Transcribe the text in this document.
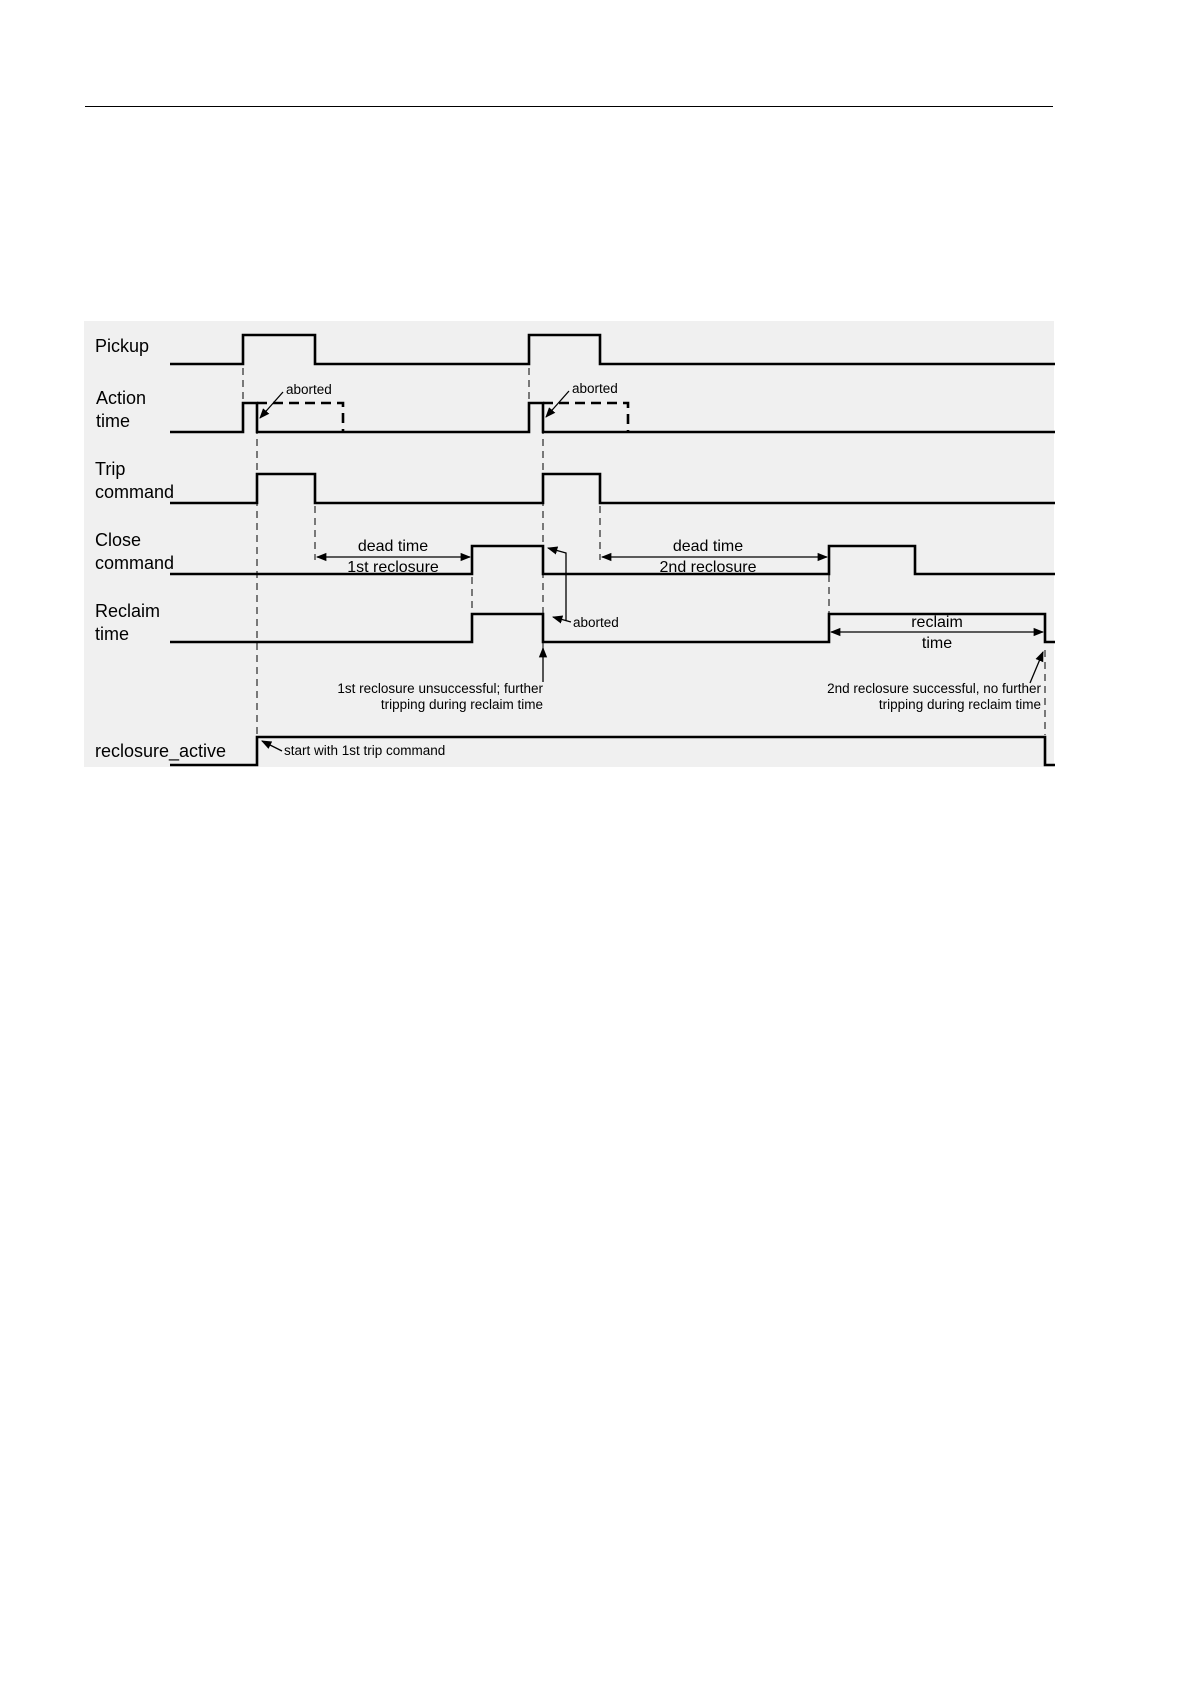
Pickup
Action
time
Trip
command
Close
command
Reclaim
time
reclosure_active
aborted	aborted
aborted
dead time
1st reclosure
dead time
2nd reclosure
reclaim
time
1st reclosure unsuccessful; further
tripping during reclaim time
2nd reclosure successful, no further
tripping during reclaim time
start with 1st trip command
